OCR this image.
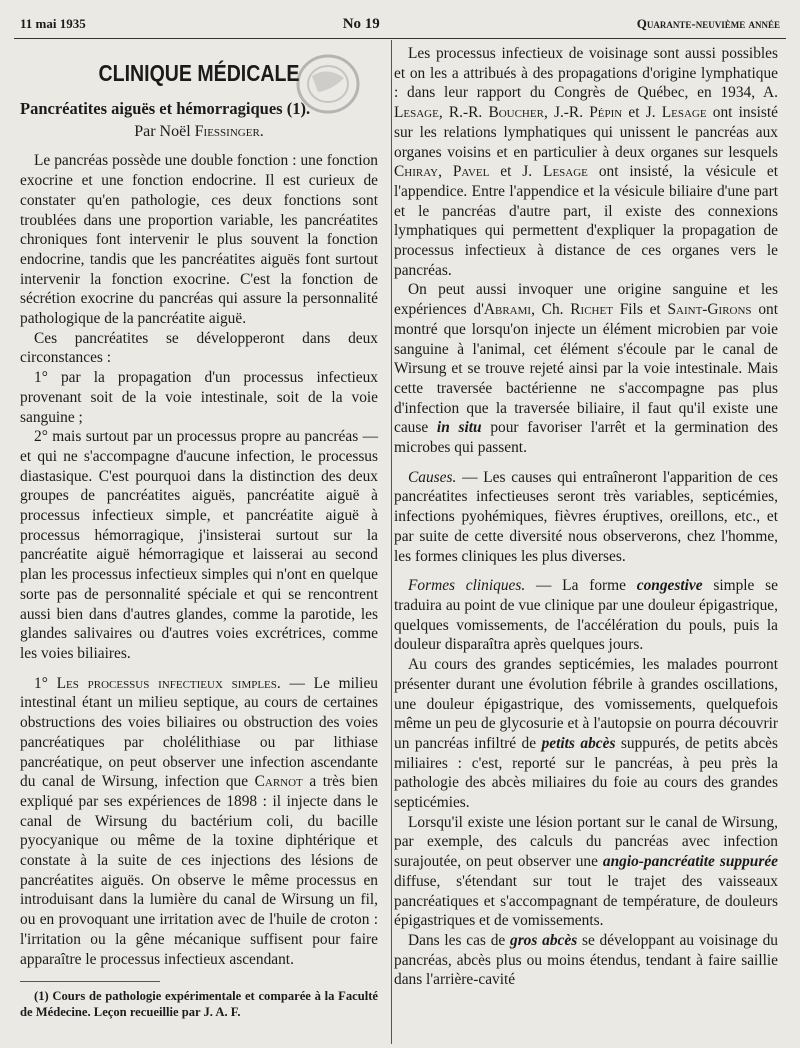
11 mai 1935	No 19	Quarante-neuvième année
CLINIQUE MÉDICALE
Pancréatites aiguës et hémorragiques (1).
Par Noël Fiessinger.

Le pancréas possède une double fonction : une fonction exocrine et une fonction endocrine. Il est curieux de constater qu'en pathologie, ces deux fonctions sont troublées dans une proportion variable, les pancréatites chroniques font intervenir le plus souvent la fonction endocrine, tandis que les pancréatites aiguës font surtout intervenir la fonction exocrine. C'est la fonction de sécrétion exocrine du pancréas qui assure la personnalité pathologique de la pancréatite aiguë.

Ces pancréatites se développeront dans deux circonstances :

1° par la propagation d'un processus infectieux provenant soit de la voie intestinale, soit de la voie sanguine ;

2° mais surtout par un processus propre au pancréas — et qui ne s'accompagne d'aucune infection, le processus diastasique. C'est pourquoi dans la distinction des deux groupes de pancréatites aiguës, pancréatite aiguë à processus infectieux simple, et pancréatite aiguë à processus hémorragique, j'insisterai surtout sur la pancréatite aiguë hémorragique et laisserai au second plan les processus infectieux simples qui n'ont en quelque sorte pas de personnalité spéciale et qui se rencontrent aussi bien dans d'autres glandes, comme la parotide, les glandes salivaires ou d'autres voies excrétrices, comme les voies biliaires.

1° Les processus infectieux simples. — Le milieu intestinal étant un milieu septique, au cours de certaines obstructions des voies biliaires ou obstruction des voies pancréatiques par cholélithiase ou par lithiase pancréatique, on peut observer une infection ascendante du canal de Wirsung, infection que Carnot a très bien expliqué par ses expériences de 1898 : il injecte dans le canal de Wirsung du bactérium coli, du bacille pyocyanique ou même de la toxine diphtérique et constate à la suite de ces injections des lésions de pancréatites aiguës. On observe le même processus en introduisant dans la lumière du canal de Wirsung un fil, ou en provoquant une irritation avec de l'huile de croton : l'irritation ou la gêne mécanique suffisent pour faire apparaître le processus infectieux ascendant.

(1) Cours de pathologie expérimentale et comparée à la Faculté de Médecine. Leçon recueillie par J. A. F.

Les processus infectieux de voisinage sont aussi possibles et on les a attribués à des propagations d'origine lymphatique : dans leur rapport du Congrès de Québec, en 1934, A. Lesage, R.-R. Boucher, J.-R. Pépin et J. Lesage ont insisté sur les relations lymphatiques qui unissent le pancréas aux organes voisins et en particulier à deux organes sur lesquels Chiray, Pavel et J. Lesage ont insisté, la vésicule et l'appendice. Entre l'appendice et la vésicule biliaire d'une part et le pancréas d'autre part, il existe des connexions lymphatiques qui permettent d'expliquer la propagation de processus infectieux à distance de ces organes vers le pancréas.

On peut aussi invoquer une origine sanguine et les expériences d'Abrami, Ch. Richet Fils et Saint-Girons ont montré que lorsqu'on injecte un élément microbien par voie sanguine à l'animal, cet élément s'écoule par le canal de Wirsung et se trouve rejeté ainsi par la voie intestinale. Mais cette traversée bactérienne ne s'accompagne pas plus d'infection que la traversée biliaire, il faut qu'il existe une cause in situ pour favoriser l'arrêt et la germination des microbes qui passent.

Causes. — Les causes qui entraîneront l'apparition de ces pancréatites infectieuses seront très variables, septicémies, infections pyohémiques, fièvres éruptives, oreillons, etc., et par suite de cette diversité nous observerons, chez l'homme, les formes cliniques les plus diverses.

Formes cliniques. — La forme congestive simple se traduira au point de vue clinique par une douleur épigastrique, quelques vomissements, de l'accélération du pouls, puis la douleur disparaîtra après quelques jours.

Au cours des grandes septicémies, les malades pourront présenter durant une évolution fébrile à grandes oscillations, une douleur épigastrique, des vomissements, quelquefois même un peu de glycosurie et à l'autopsie on pourra découvrir un pancréas infiltré de petits abcès suppurés, de petits abcès miliaires : c'est, reporté sur le pancréas, à peu près la pathologie des abcès miliaires du foie au cours des grandes septicémies.

Lorsqu'il existe une lésion portant sur le canal de Wirsung, par exemple, des calculs du pancréas avec infection surajoutée, on peut observer une angio-pancréatite suppurée diffuse, s'étendant sur tout le trajet des vaisseaux pancréatiques et s'accompagnant de température, de douleurs épigastriques et de vomissements.

Dans les cas de gros abcès se développant au voisinage du pancréas, abcès plus ou moins étendus, tendant à faire saillie dans l'arrière-cavité
